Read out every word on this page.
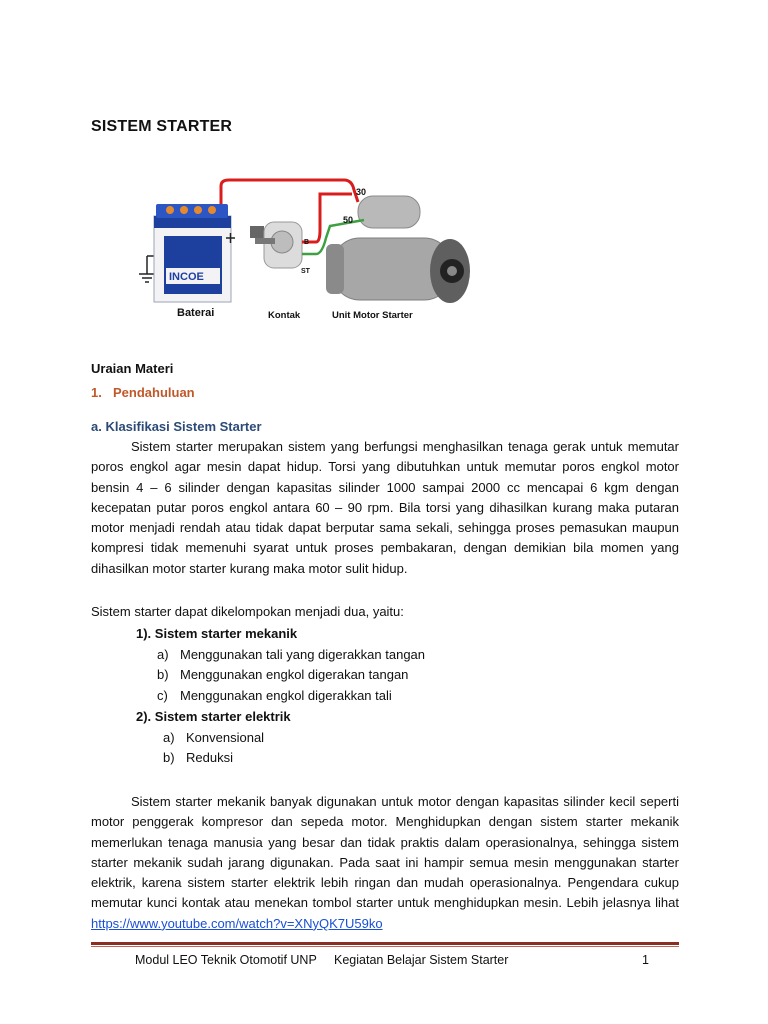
SISTEM STARTER
INCOE
30
50
B
ST
Baterai	Kontak	Unit Motor Starter
Uraian Materi
1. Pendahuluan
a. Klasifikasi Sistem Starter
Sistem starter merupakan sistem yang berfungsi menghasilkan tenaga gerak untuk memutar poros engkol agar mesin dapat hidup. Torsi yang dibutuhkan untuk memutar poros engkol motor bensin 4 – 6 silinder dengan kapasitas silinder 1000 sampai 2000 cc mencapai 6 kgm dengan kecepatan putar poros engkol antara 60 – 90 rpm. Bila torsi yang dihasilkan kurang maka putaran motor menjadi rendah atau tidak dapat berputar sama sekali, sehingga proses pemasukan maupun kompresi tidak memenuhi syarat untuk proses pembakaran, dengan demikian bila momen yang dihasilkan motor starter kurang maka motor sulit hidup.
Sistem starter dapat dikelompokan menjadi dua, yaitu:
1). Sistem starter mekanik
a) Menggunakan tali yang digerakkan tangan
b) Menggunakan engkol digerakan tangan
c) Menggunakan engkol digerakkan tali
2). Sistem starter elektrik
a) Konvensional
b) Reduksi
Sistem starter mekanik banyak digunakan untuk motor dengan kapasitas silinder kecil seperti motor penggerak kompresor dan sepeda motor. Menghidupkan dengan sistem starter mekanik memerlukan tenaga manusia yang besar dan tidak praktis dalam operasionalnya, sehingga sistem starter mekanik sudah jarang digunakan. Pada saat ini hampir semua mesin menggunakan starter elektrik, karena sistem starter elektrik lebih ringan dan mudah operasionalnya. Pengendara cukup memutar kunci kontak atau menekan tombol starter untuk menghidupkan mesin. Lebih jelasnya lihat https://www.youtube.com/watch?v=XNyQK7U59ko
Modul LEO Teknik Otomotif UNP Kegiatan Belajar Sistem Starter	1
